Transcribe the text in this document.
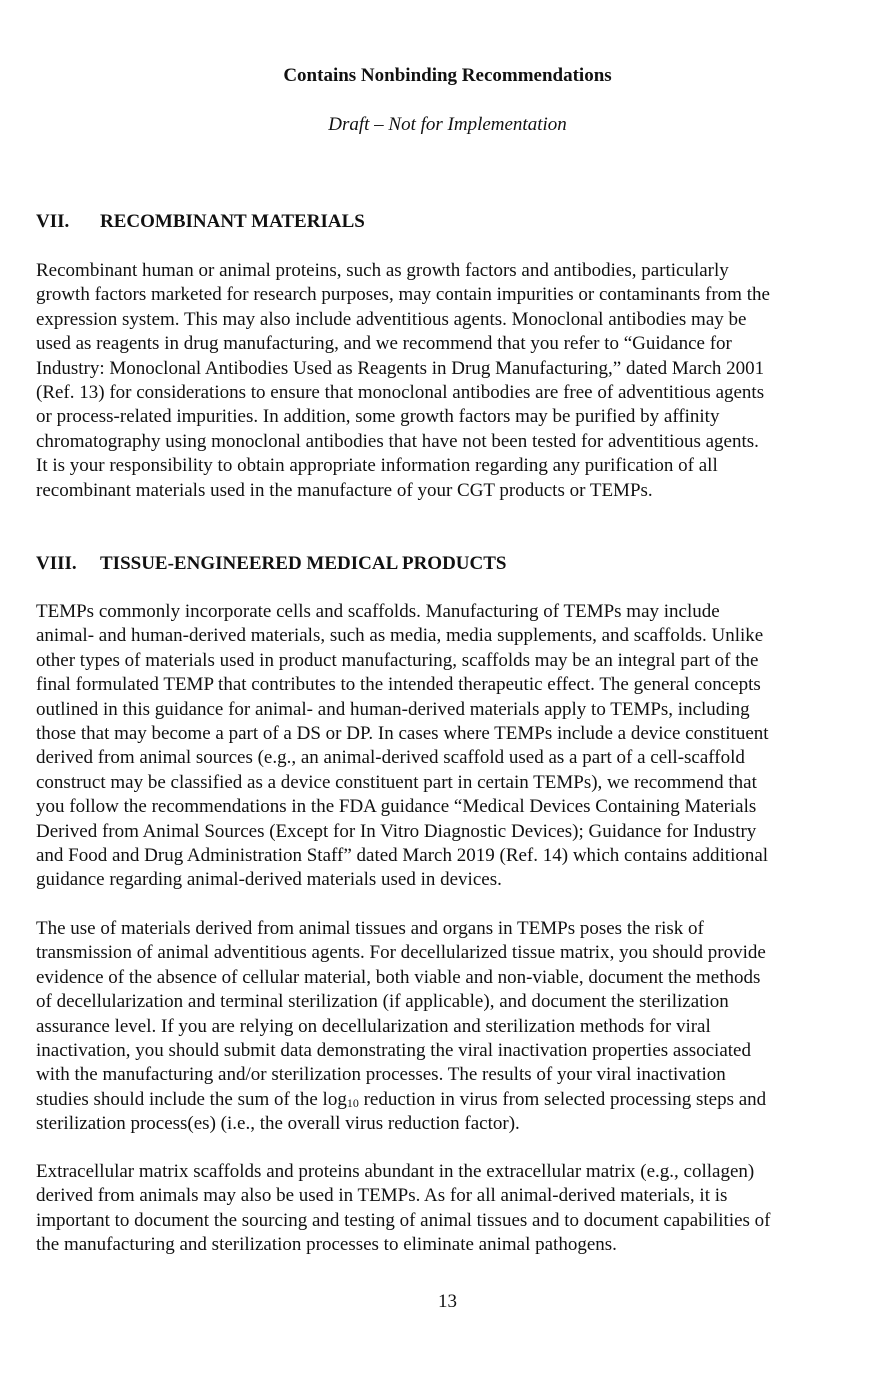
Contains Nonbinding Recommendations
Draft – Not for Implementation
VII. RECOMBINANT MATERIALS
Recombinant human or animal proteins, such as growth factors and antibodies, particularly
growth factors marketed for research purposes, may contain impurities or contaminants from the
expression system. This may also include adventitious agents. Monoclonal antibodies may be
used as reagents in drug manufacturing, and we recommend that you refer to “Guidance for
Industry: Monoclonal Antibodies Used as Reagents in Drug Manufacturing,” dated March 2001
(Ref. 13) for considerations to ensure that monoclonal antibodies are free of adventitious agents
or process-related impurities. In addition, some growth factors may be purified by affinity
chromatography using monoclonal antibodies that have not been tested for adventitious agents.
It is your responsibility to obtain appropriate information regarding any purification of all
recombinant materials used in the manufacture of your CGT products or TEMPs.
VIII. TISSUE-ENGINEERED MEDICAL PRODUCTS
TEMPs commonly incorporate cells and scaffolds. Manufacturing of TEMPs may include
animal- and human-derived materials, such as media, media supplements, and scaffolds. Unlike
other types of materials used in product manufacturing, scaffolds may be an integral part of the
final formulated TEMP that contributes to the intended therapeutic effect. The general concepts
outlined in this guidance for animal- and human-derived materials apply to TEMPs, including
those that may become a part of a DS or DP. In cases where TEMPs include a device constituent
derived from animal sources (e.g., an animal-derived scaffold used as a part of a cell-scaffold
construct may be classified as a device constituent part in certain TEMPs), we recommend that
you follow the recommendations in the FDA guidance “Medical Devices Containing Materials
Derived from Animal Sources (Except for In Vitro Diagnostic Devices); Guidance for Industry
and Food and Drug Administration Staff” dated March 2019 (Ref. 14) which contains additional
guidance regarding animal-derived materials used in devices.
The use of materials derived from animal tissues and organs in TEMPs poses the risk of
transmission of animal adventitious agents. For decellularized tissue matrix, you should provide
evidence of the absence of cellular material, both viable and non-viable, document the methods
of decellularization and terminal sterilization (if applicable), and document the sterilization
assurance level. If you are relying on decellularization and sterilization methods for viral
inactivation, you should submit data demonstrating the viral inactivation properties associated
with the manufacturing and/or sterilization processes. The results of your viral inactivation
studies should include the sum of the $\log_{10}$ reduction in virus from selected processing steps and
sterilization process(es) (i.e., the overall virus reduction factor).
Extracellular matrix scaffolds and proteins abundant in the extracellular matrix (e.g., collagen)
derived from animals may also be used in TEMPs. As for all animal-derived materials, it is
important to document the sourcing and testing of animal tissues and to document capabilities of
the manufacturing and sterilization processes to eliminate animal pathogens.
13
